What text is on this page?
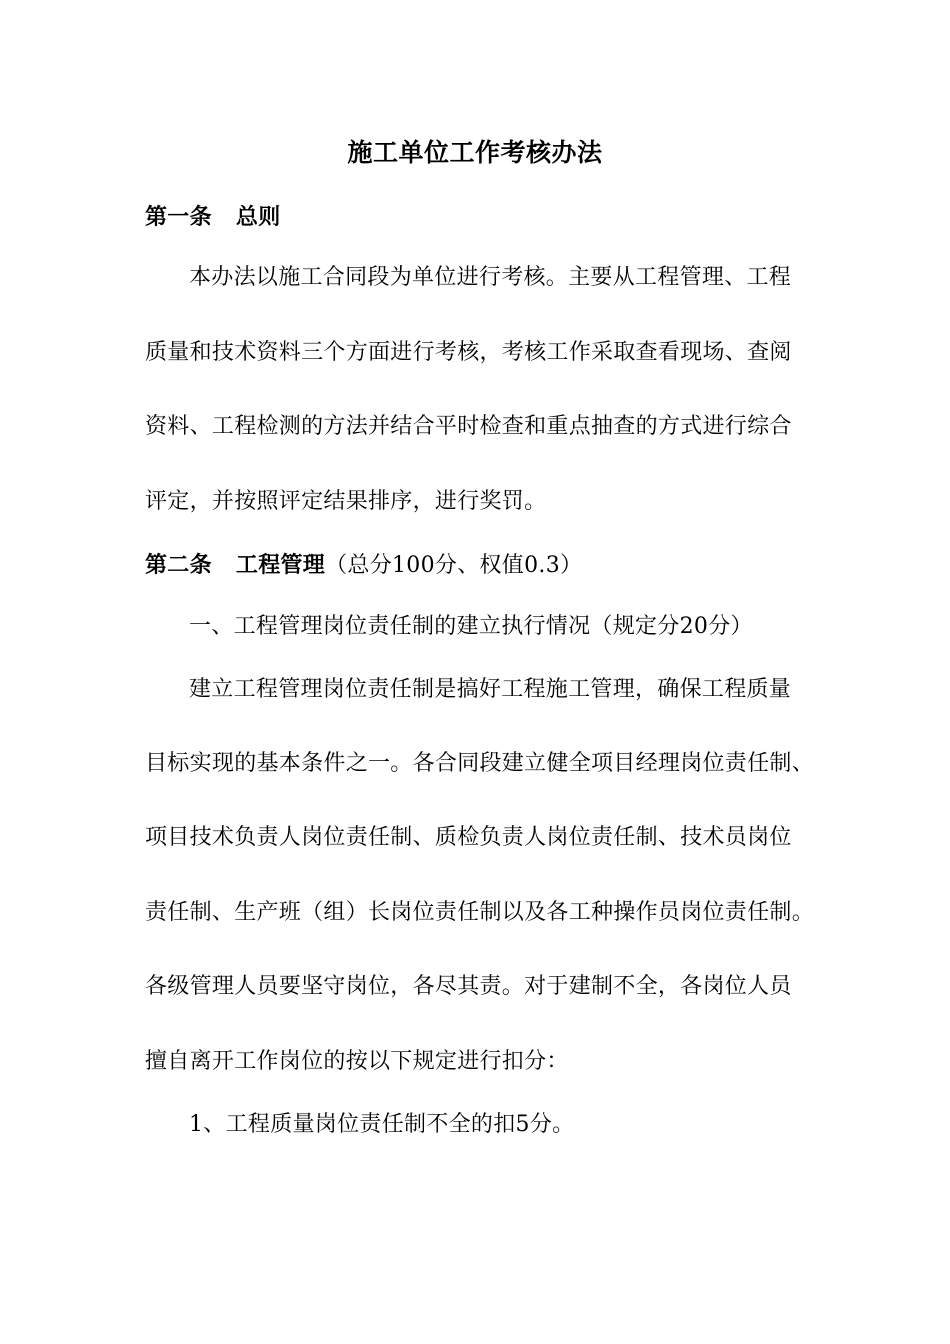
施工单位工作考核办法
第一条 总则
本办法以施工合同段为单位进行考核。主要从工程管理、工程
质量和技术资料三个方面进行考核，考核工作采取查看现场、查阅
资料、工程检测的方法并结合平时检查和重点抽查的方式进行综合
评定，并按照评定结果排序，进行奖罚。
第二条 工程管理（总分100分、权值0.3）
一、工程管理岗位责任制的建立执行情况（规定分20分）
建立工程管理岗位责任制是搞好工程施工管理，确保工程质量
目标实现的基本条件之一。各合同段建立健全项目经理岗位责任制、
项目技术负责人岗位责任制、质检负责人岗位责任制、技术员岗位
责任制、生产班（组）长岗位责任制以及各工种操作员岗位责任制。
各级管理人员要坚守岗位，各尽其责。对于建制不全，各岗位人员
擅自离开工作岗位的按以下规定进行扣分：
1、工程质量岗位责任制不全的扣5分。
